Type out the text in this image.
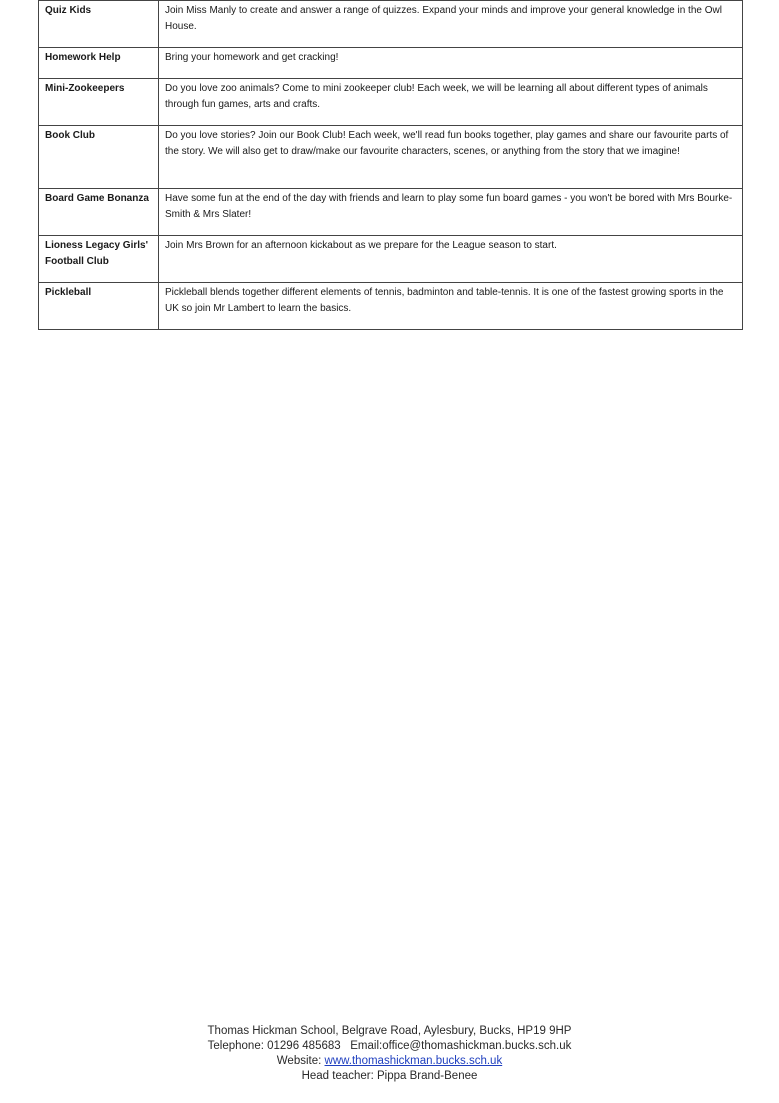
Quiz Kids	Join Miss Manly to create and answer a range of quizzes. Expand your minds and improve your general knowledge in the Owl House.
Homework Help	Bring your homework and get cracking!
Mini-Zookeepers	Do you love zoo animals? Come to mini zookeeper club! Each week, we will be learning all about different types of animals through fun games, arts and crafts.
Book Club	Do you love stories? Join our Book Club! Each week, we'll read fun books together, play games and share our favourite parts of the story. We will also get to draw/make our favourite characters, scenes, or anything from the story that we imagine!
Board Game Bonanza	Have some fun at the end of the day with friends and learn to play some fun board games - you won't be bored with Mrs Bourke-Smith & Mrs Slater!
Lioness Legacy Girls' Football Club	Join Mrs Brown for an afternoon kickabout as we prepare for the League season to start.
Pickleball	Pickleball blends together different elements of tennis, badminton and table-tennis. It is one of the fastest growing sports in the UK so join Mr Lambert to learn the basics.
Thomas Hickman School, Belgrave Road, Aylesbury, Bucks, HP19 9HP
Telephone: 01296 485683   Email:office@thomashickman.bucks.sch.uk
Website: www.thomashickman.bucks.sch.uk
Head teacher: Pippa Brand-Benee
